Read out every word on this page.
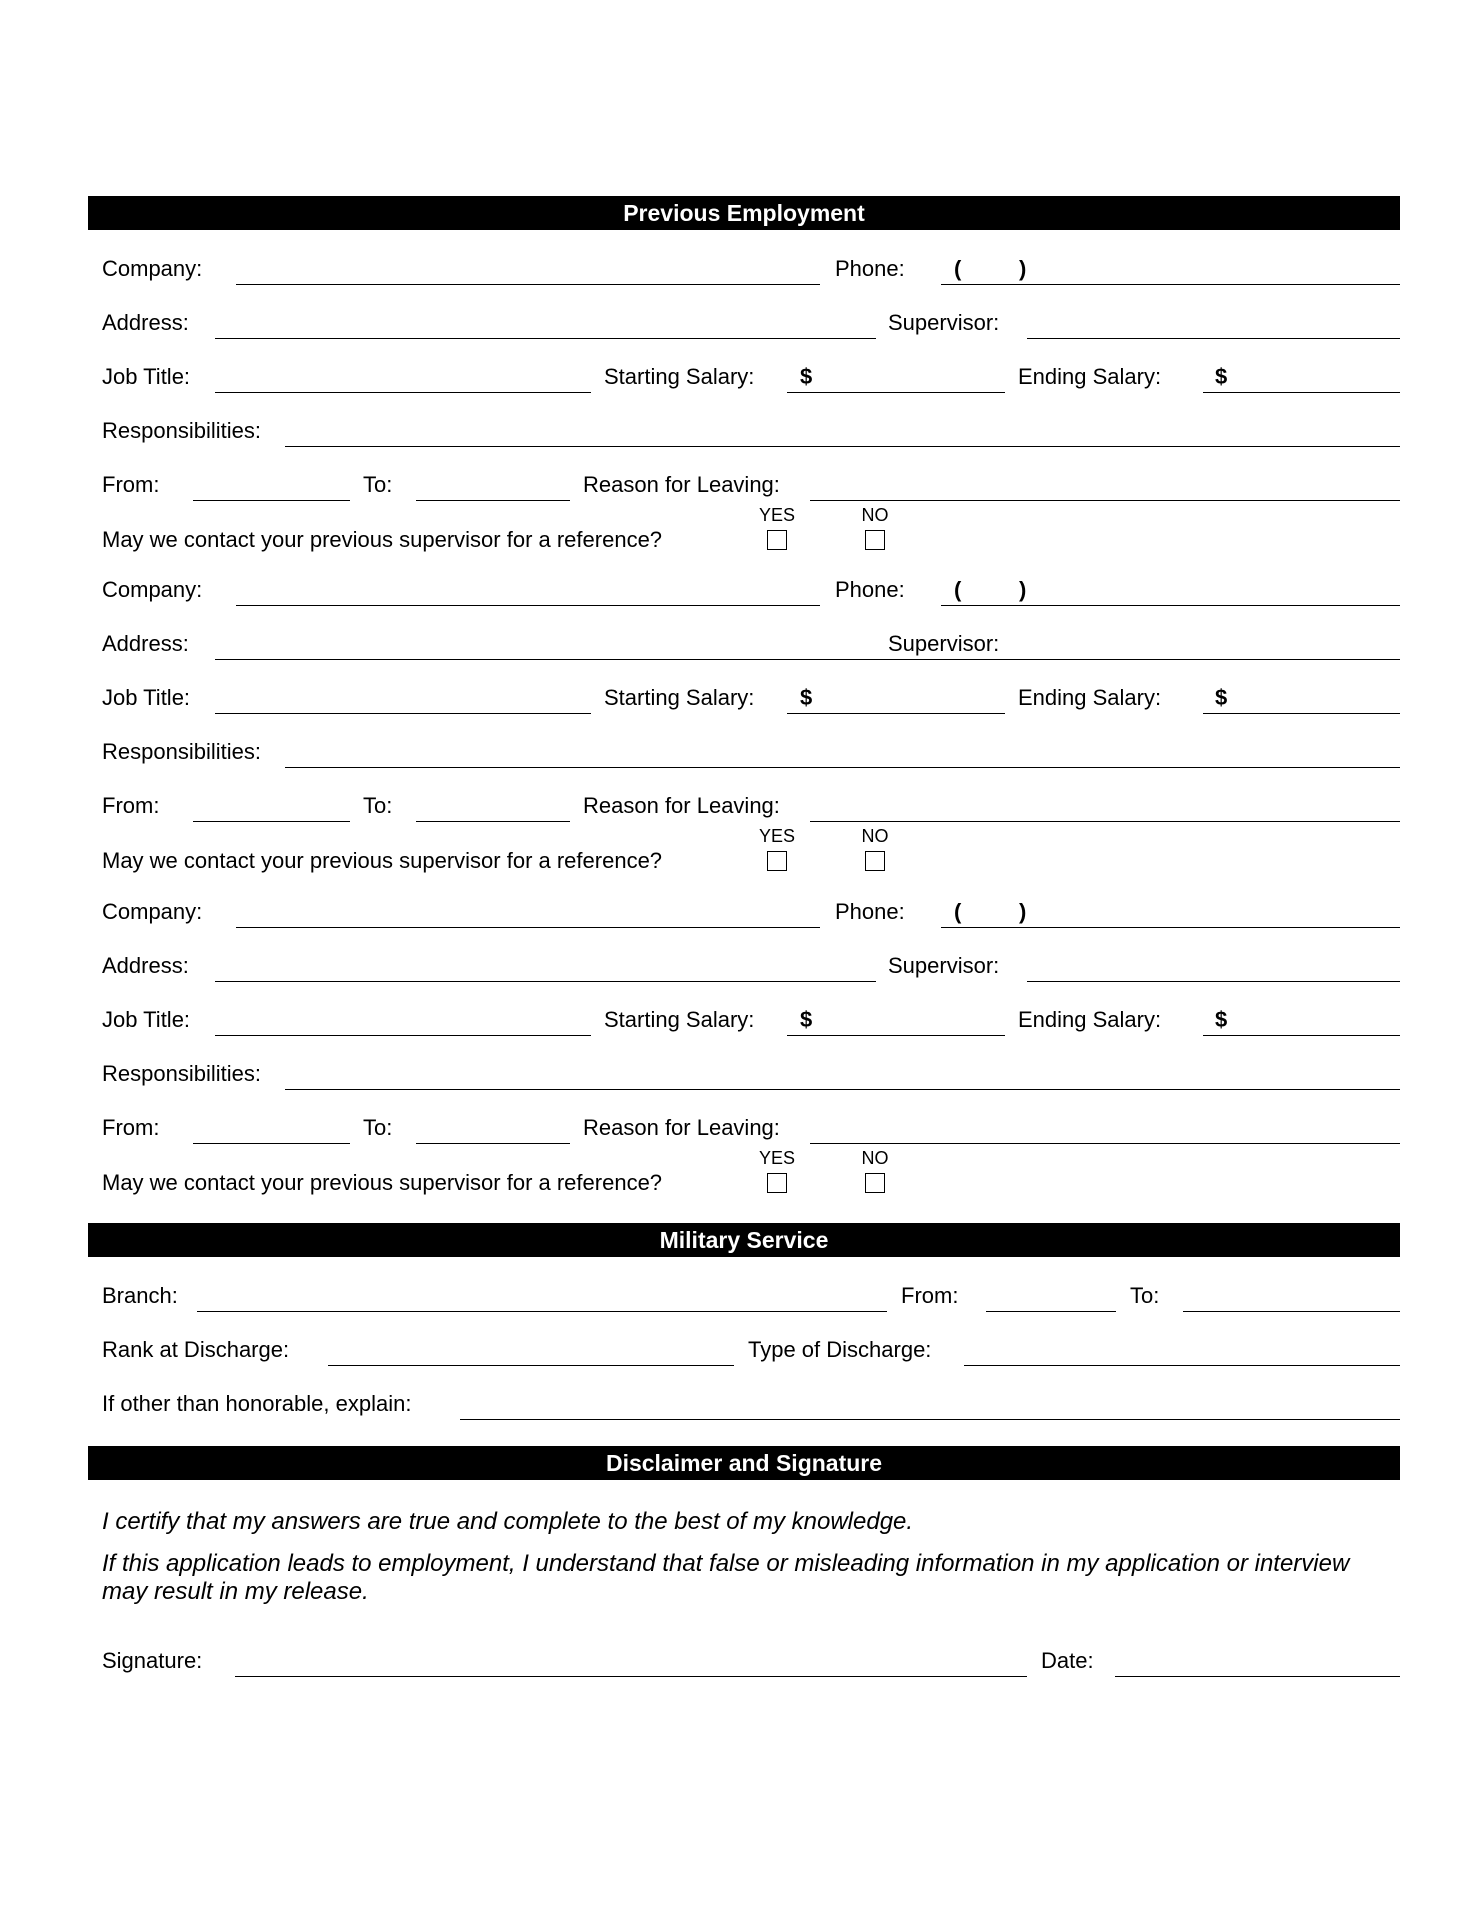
Previous Employment
Company:	Phone: (	)
Address:	Supervisor:
Job Title:	Starting Salary: $	Ending Salary: $
Responsibilities:
From:	To:	Reason for Leaving:
May we contact your previous supervisor for a reference?
YES	NO
Company:	Phone: (	)
Address:	Supervisor:
Job Title:	Starting Salary: $	Ending Salary: $
Responsibilities:
From:	To:	Reason for Leaving:
May we contact your previous supervisor for a reference?
YES	NO
Company:	Phone: (	)
Address:	Supervisor:
Job Title:	Starting Salary: $	Ending Salary: $
Responsibilities:
From:	To:	Reason for Leaving:
May we contact your previous supervisor for a reference?
YES	NO
Military Service
Branch:	From:	To:
Rank at Discharge:	Type of Discharge:
If other than honorable, explain:
Disclaimer and Signature
I certify that my answers are true and complete to the best of my knowledge.
If this application leads to employment, I understand that false or misleading information in my application or interview may result in my release.
Signature:	Date:
